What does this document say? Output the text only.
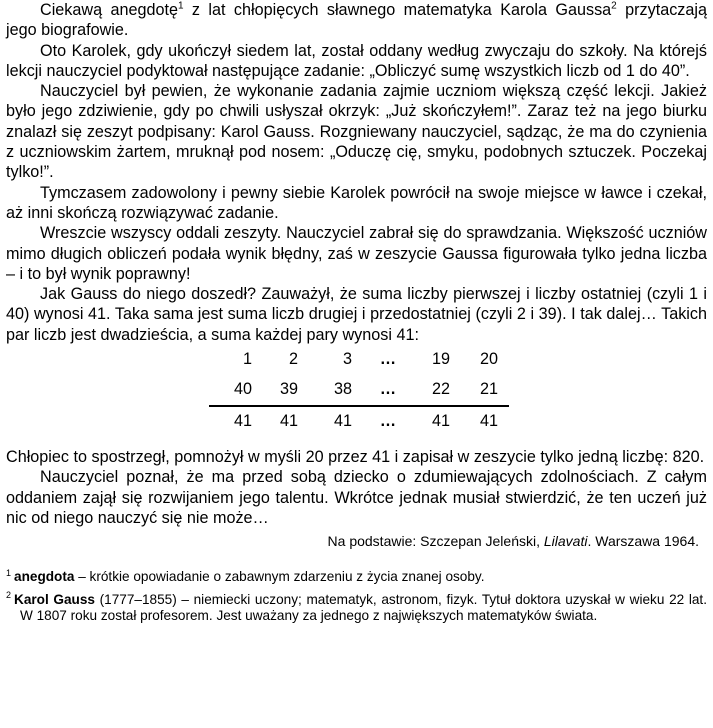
Ciekawą anegdotę$^1$ z lat chłopięcych sławnego matematyka Karola Gaussa$^2$ przytaczają jego biografowie.

Oto Karolek, gdy ukończył siedem lat, został oddany według zwyczaju do szkoły. Na którejś lekcji nauczyciel podyktował następujące zadanie: „Obliczyć sumę wszystkich liczb od 1 do 40”.

Nauczyciel był pewien, że wykonanie zadania zajmie uczniom większą część lekcji. Jakież było jego zdziwienie, gdy po chwili usłyszał okrzyk: „Już skończyłem!”. Zaraz też na jego biurku znalazł się zeszyt podpisany: Karol Gauss. Rozgniewany nauczyciel, sądząc, że ma do czynienia z uczniowskim żartem, mruknął pod nosem: „Oduczę cię, smyku, podobnych sztuczek. Poczekaj tylko!”.

Tymczasem zadowolony i pewny siebie Karolek powrócił na swoje miejsce w ławce i czekał, aż inni skończą rozwiązywać zadanie.

Wreszcie wszyscy oddali zeszyty. Nauczyciel zabrał się do sprawdzania. Większość uczniów mimo długich obliczeń podała wynik błędny, zaś w zeszycie Gaussa figurowała tylko jedna liczba – i to był wynik poprawny!

Jak Gauss do niego doszedł? Zauważył, że suma liczby pierwszej i liczby ostatniej (czyli 1 i 40) wynosi 41. Taka sama jest suma liczb drugiej i przedostatniej (czyli 2 i 39). I tak dalej… Takich par liczb jest dwadzieścia, a suma każdej pary wynosi 41:

1	2	3	…	19	20
40	39	38	…	22	21
41	41	41	…	41	41

Chłopiec to spostrzegł, pomnożył w myśli 20 przez 41 i zapisał w zeszycie tylko jedną liczbę: 820.

Nauczyciel poznał, że ma przed sobą dziecko o zdumiewających zdolnościach. Z całym oddaniem zajął się rozwijaniem jego talentu. Wkrótce jednak musiał stwierdzić, że ten uczeń już nic od niego nauczyć się nie może…

Na podstawie: Szczepan Jeleński, Lilavati. Warszawa 1964.

$^1$ anegdota – krótkie opowiadanie o zabawnym zdarzeniu z życia znanej osoby.

$^2$ Karol Gauss (1777–1855) – niemiecki uczony; matematyk, astronom, fizyk. Tytuł doktora uzyskał w wieku 22 lat. W 1807 roku został profesorem. Jest uważany za jednego z największych matematyków świata.
